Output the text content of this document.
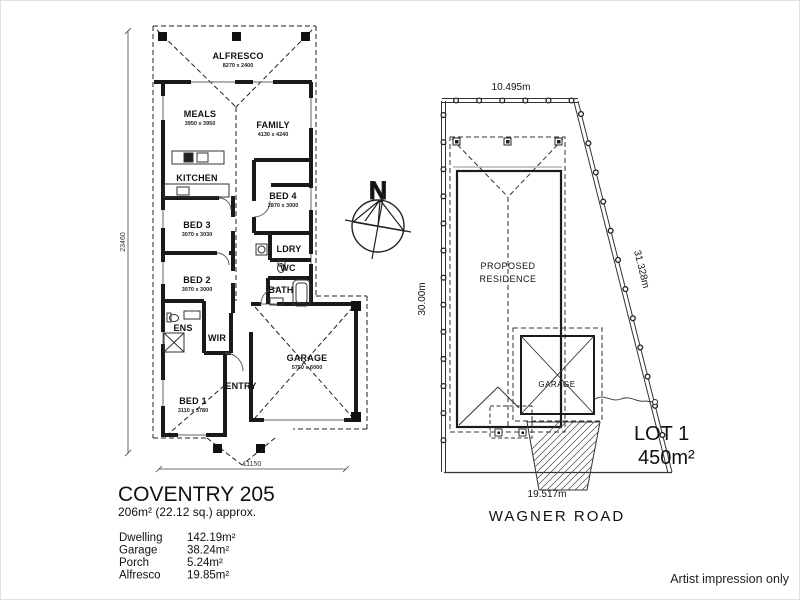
ALFRESCO
8270 x 2400
MEALS
3950 x 3950	FAMILY
4130 x 4240
KITCHEN
BED 4
2870 x 3000
BED 3
3070 x 3030
LDRY
BED 2
3070 x 3000
WC
BATH
ENS
WIR
ENTRY
GARAGE
5750 x 6000
BED 1
3110 x 3780
23460
11150
N
PROPOSED
RESIDENCE
GARAGE
10.495m
30.00m
31.328m
19.517m
LOT 1
450m²
WAGNER ROAD
COVENTRY 205
206m² (22.12 sq.) approx.
Dwelling 142.19m²
Garage	38.24m²
Porch	5.24m²
Alfresco 19.85m²	Artist impression only
